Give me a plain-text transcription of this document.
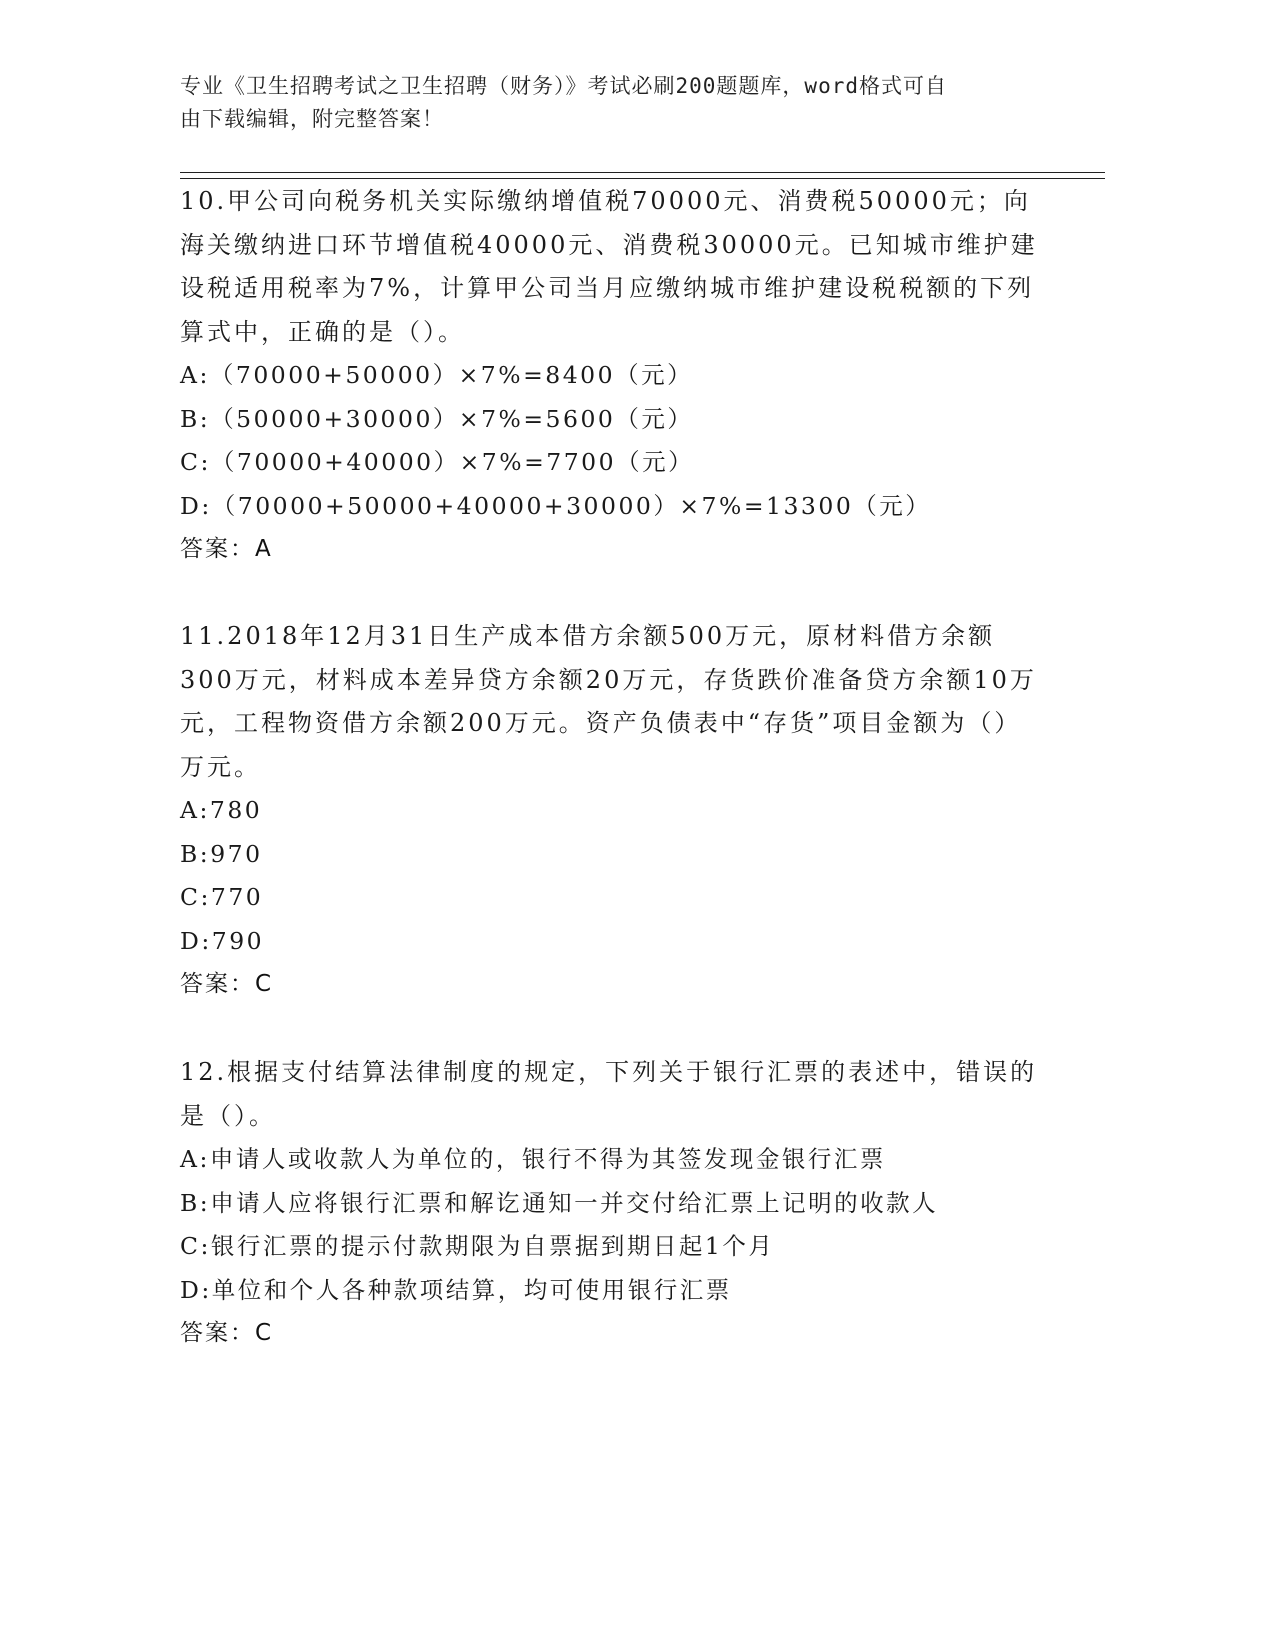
专业《卫生招聘考试之卫生招聘（财务）》考试必刷200题题库，word格式可自
由下载编辑，附完整答案！

10.甲公司向税务机关实际缴纳增值税70000元、消费税50000元；向海关缴纳进口环节增值税40000元、消费税30000元。已知城市维护建设税适用税率为7%，计算甲公司当月应缴纳城市维护建设税税额的下列算式中，正确的是（）。

A:（70000+50000）×7%=8400（元）

B:（50000+30000）×7%=5600（元）

C:（70000+40000）×7%=7700（元）

D:（70000+50000+40000+30000）×7%=13300（元）

答案：A

11.2018年12月31日生产成本借方余额500万元，原材料借方余额300万元，材料成本差异贷方余额20万元，存货跌价准备贷方余额10万元，工程物资借方余额200万元。资产负债表中“存货”项目金额为（）万元。

A:780

B:970

C:770

D:790

答案：C

12.根据支付结算法律制度的规定，下列关于银行汇票的表述中，错误的是（）。

A:申请人或收款人为单位的，银行不得为其签发现金银行汇票

B:申请人应将银行汇票和解讫通知一并交付给汇票上记明的收款人

C:银行汇票的提示付款期限为自票据到期日起1个月

D:单位和个人各种款项结算，均可使用银行汇票

答案：C
